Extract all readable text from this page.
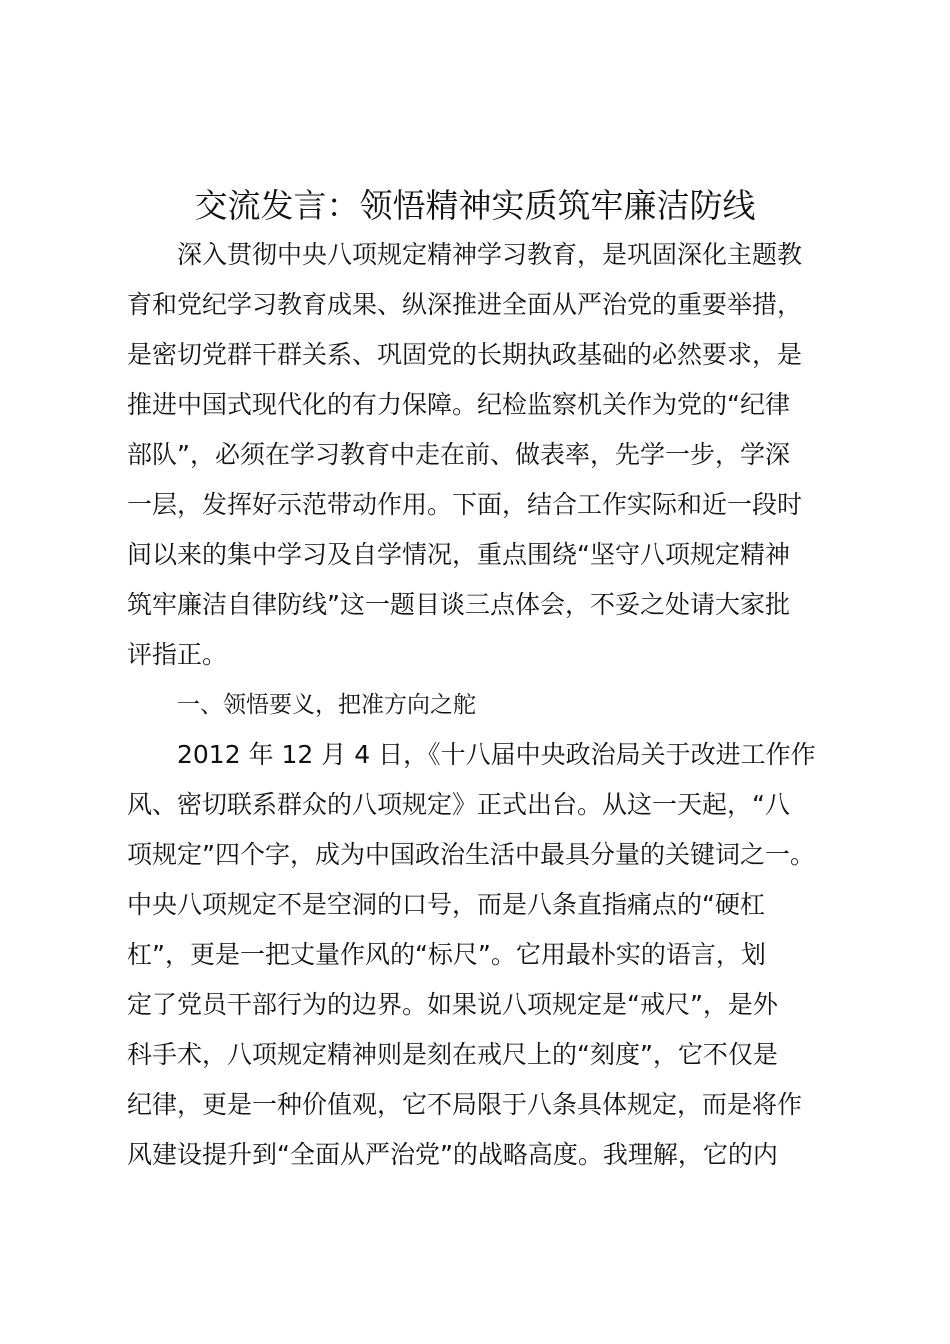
交流发言：领悟精神实质筑牢廉洁防线
深入贯彻中央八项规定精神学习教育，是巩固深化主题教
育和党纪学习教育成果、纵深推进全面从严治党的重要举措，
是密切党群干群关系、巩固党的长期执政基础的必然要求，是
推进中国式现代化的有力保障。纪检监察机关作为党的“纪律
部队”，必须在学习教育中走在前、做表率，先学一步，学深
一层，发挥好示范带动作用。下面，结合工作实际和近一段时
间以来的集中学习及自学情况，重点围绕“坚守八项规定精神
筑牢廉洁自律防线”这一题目谈三点体会，不妥之处请大家批
评指正。
一、领悟要义，把准方向之舵
2012 年 12 月 4 日，《十八届中央政治局关于改进工作作
风、密切联系群众的八项规定》正式出台。从这一天起，“八
项规定”四个字，成为中国政治生活中最具分量的关键词之一。
中央八项规定不是空洞的口号，而是八条直指痛点的“硬杠
杠”，更是一把丈量作风的“标尺”。它用最朴实的语言，划
定了党员干部行为的边界。如果说八项规定是“戒尺”，是外
科手术，八项规定精神则是刻在戒尺上的“刻度”，它不仅是
纪律，更是一种价值观，它不局限于八条具体规定，而是将作
风建设提升到“全面从严治党”的战略高度。我理解，它的内
